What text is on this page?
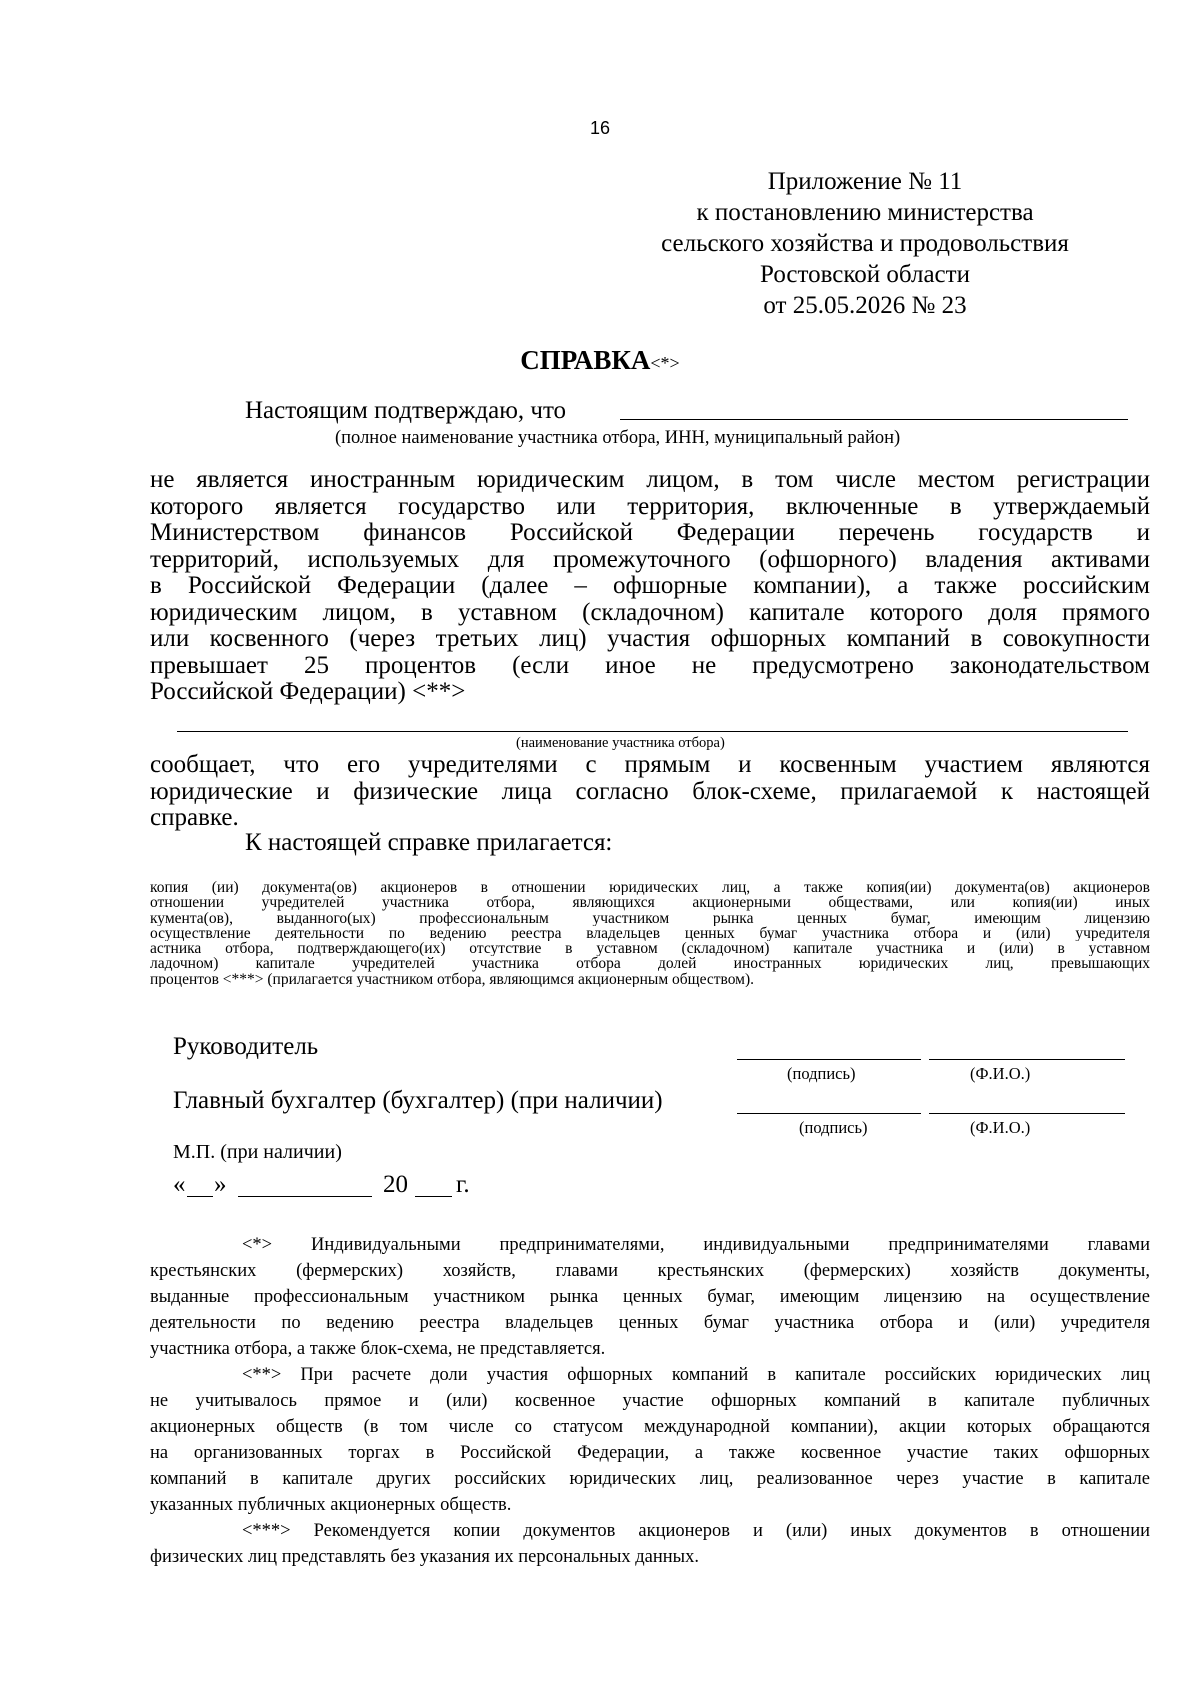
16
Приложение № 11
к постановлению министерства
сельского хозяйства и продовольствия
Ростовской области
от 25.05.2026 № 23
СПРАВКА<*>
Настоящим подтверждаю, что
(полное наименование участника отбора, ИНН, муниципальный район)
не является иностранным юридическим лицом, в том числе местом регистрации
которого является государство или территория, включенные в утверждаемый
Министерством финансов Российской Федерации перечень государств и
территорий, используемых для промежуточного (офшорного) владения активами
в Российской Федерации (далее – офшорные компании), а также российским
юридическим лицом, в уставном (складочном) капитале которого доля прямого
или косвенного (через третьих лиц) участия офшорных компаний в совокупности
превышает 25 процентов (если иное не предусмотрено законодательством
Российской Федерации) <**>
(наименование участника отбора)
сообщает, что его учредителями с прямым и косвенным участием являются
юридические и физические лица согласно блок-схеме, прилагаемой к настоящей
справке.
К настоящей справке прилагается:
копия (ии) документа(ов) акционеров в отношении юридических лиц, а также копия(ии) документа(ов) акционеров
отношении учредителей участника отбора, являющихся акционерными обществами, или копия(ии) иных
кумента(ов), выданного(ых) профессиональным участником рынка ценных бумаг, имеющим лицензию
осуществление деятельности по ведению реестра владельцев ценных бумаг участника отбора и (или) учредителя
астника отбора, подтверждающего(их) отсутствие в уставном (складочном) капитале участника и (или) в уставном
ладочном) капитале учредителей участника отбора долей иностранных юридических лиц, превышающих
процентов <***> (прилагается участником отбора, являющимся акционерным обществом).
Руководитель
(подпись)	(Ф.И.О.)
Главный бухгалтер (бухгалтер) (при наличии)
(подпись)	(Ф.И.О.)
М.П. (при наличии)
« »	20 г.
<*> Индивидуальными предпринимателями, индивидуальными предпринимателями главами
крестьянских (фермерских) хозяйств, главами крестьянских (фермерских) хозяйств документы,
выданные профессиональным участником рынка ценных бумаг, имеющим лицензию на осуществление
деятельности по ведению реестра владельцев ценных бумаг участника отбора и (или) учредителя
участника отбора, а также блок-схема, не представляется.
<**> При расчете доли участия офшорных компаний в капитале российских юридических лиц
не учитывалось прямое и (или) косвенное участие офшорных компаний в капитале публичных
акционерных обществ (в том числе со статусом международной компании), акции которых обращаются
на организованных торгах в Российской Федерации, а также косвенное участие таких офшорных
компаний в капитале других российских юридических лиц, реализованное через участие в капитале
указанных публичных акционерных обществ.
<***> Рекомендуется копии документов акционеров и (или) иных документов в отношении
физических лиц представлять без указания их персональных данных.
